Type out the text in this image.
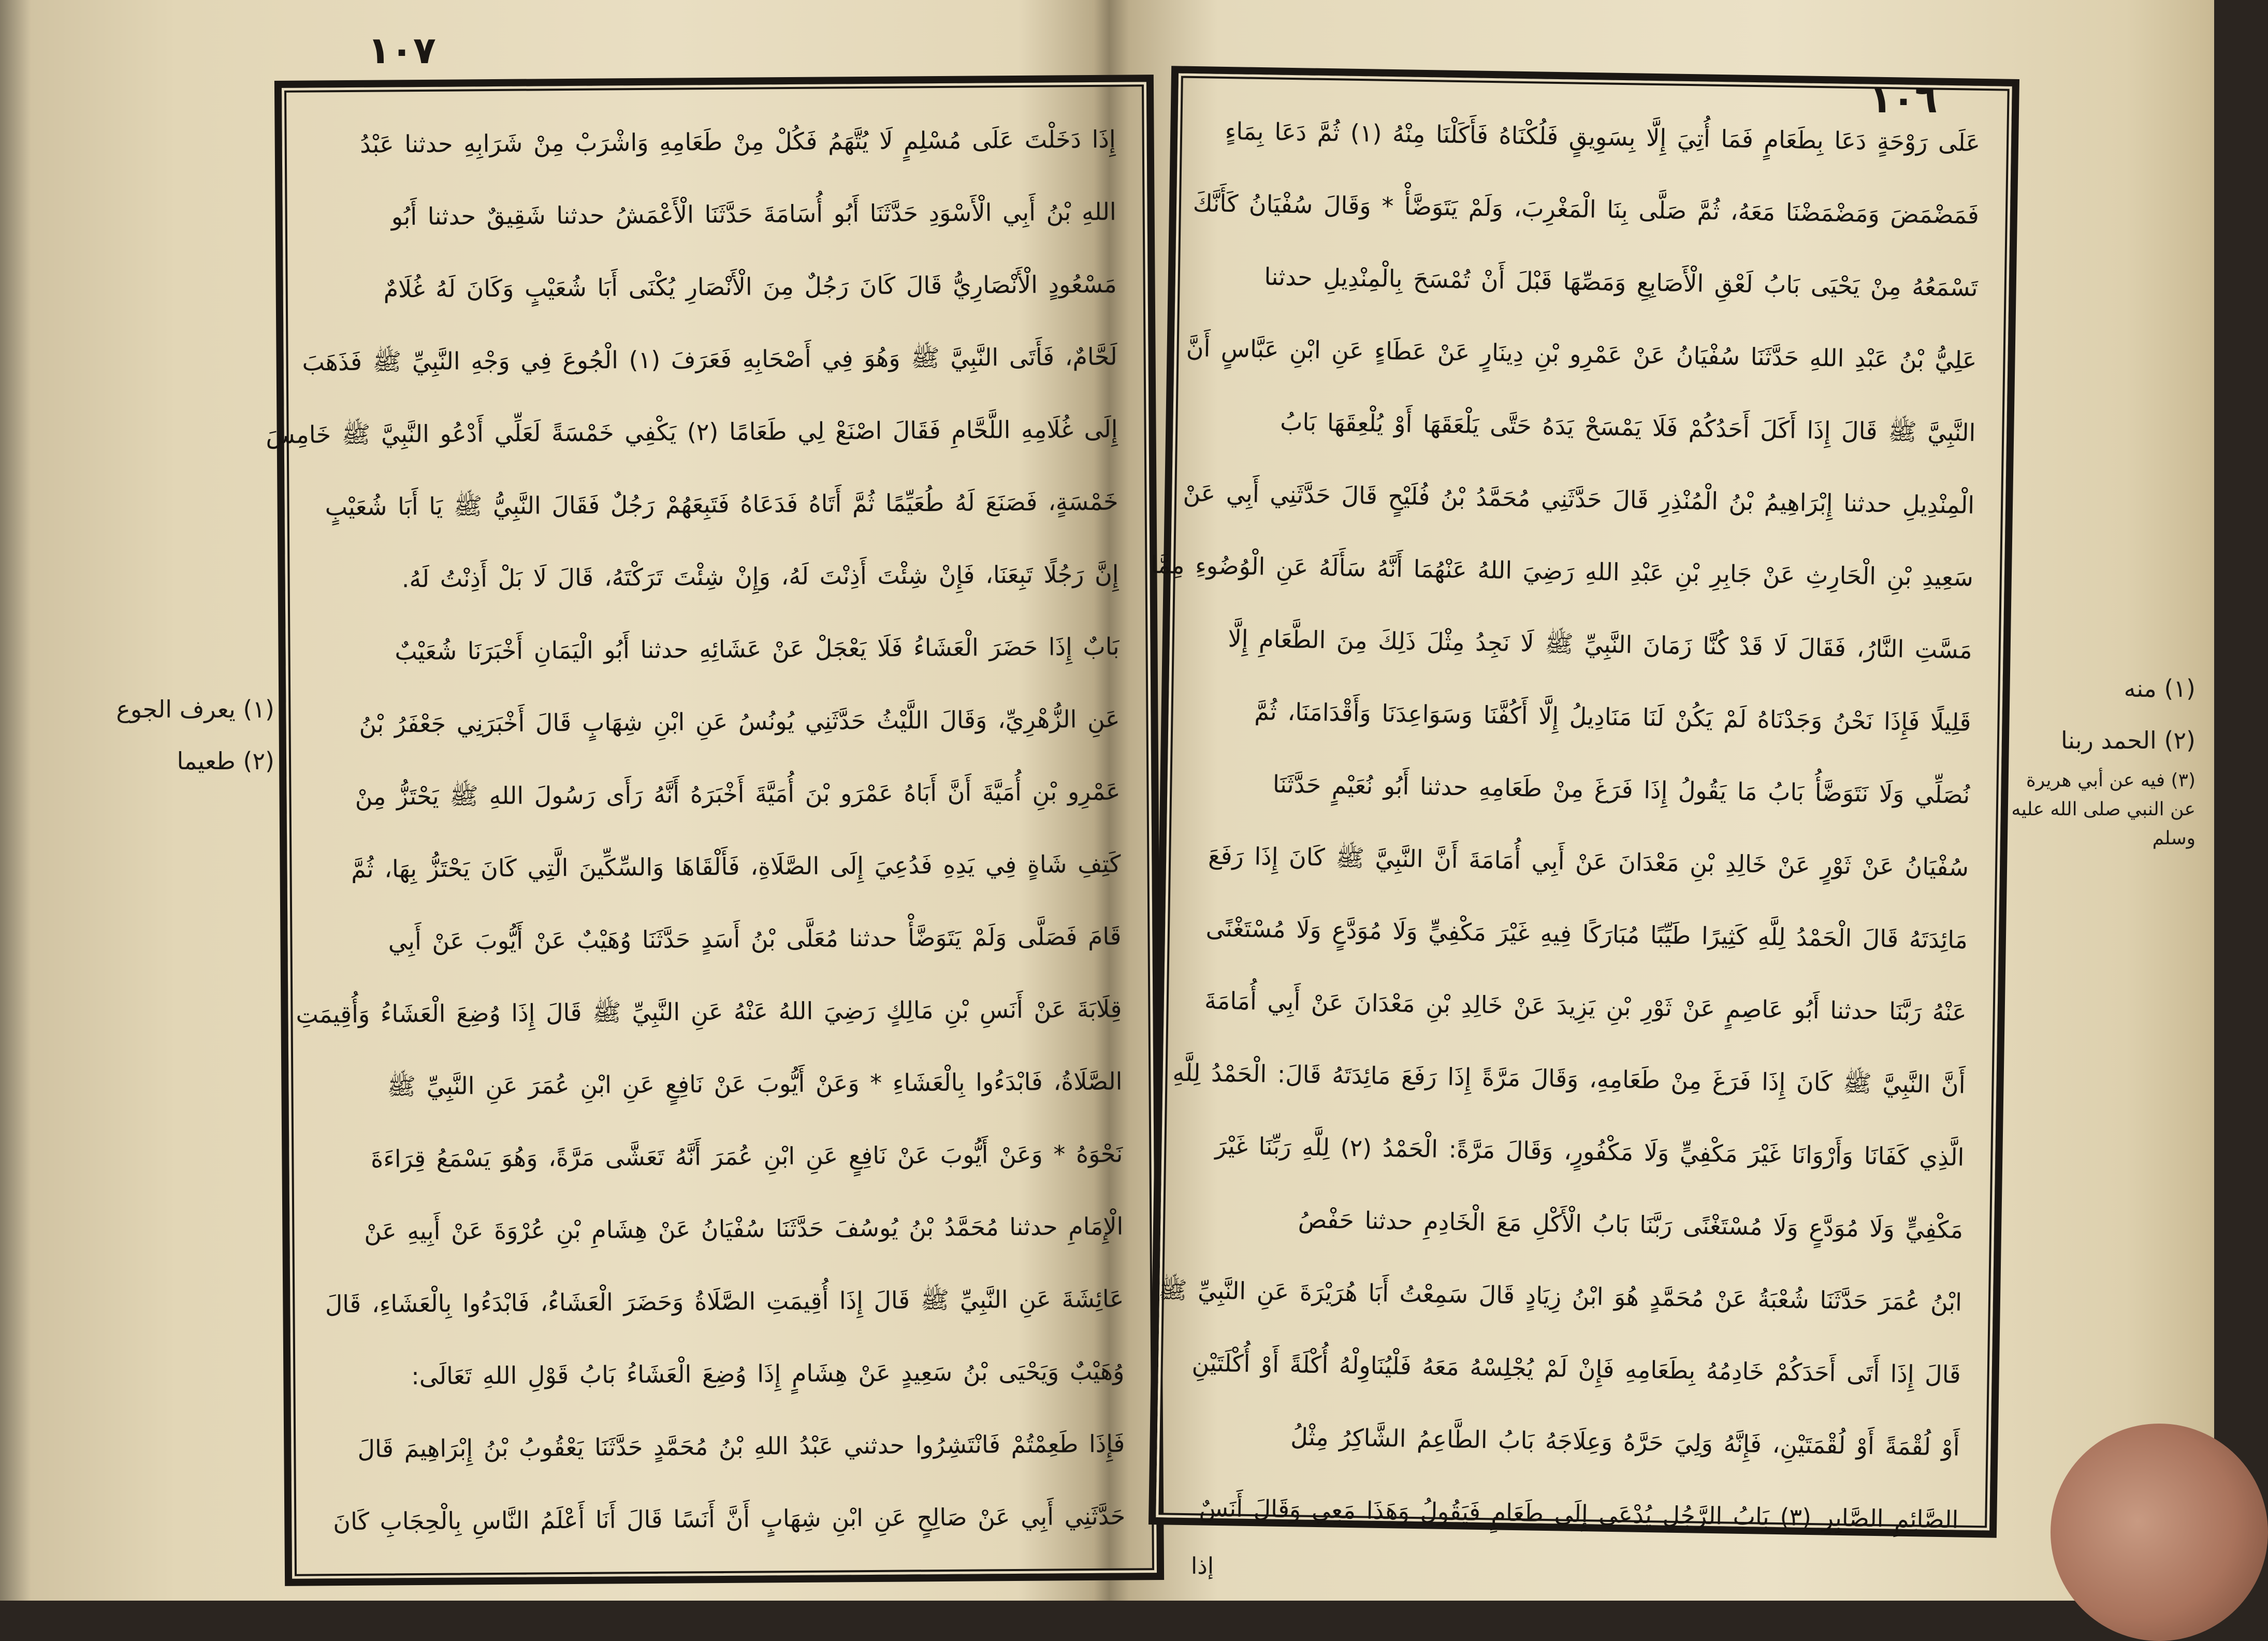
١٠٧
إِذَا دَخَلْتَ عَلَى مُسْلِمٍ لَا يُتَّهَمُ فَكُلْ مِنْ طَعَامِهِ وَاشْرَبْ مِنْ شَرَابِهِ حدثنا عَبْدُ
اللهِ بْنُ أَبِي الْأَسْوَدِ حَدَّثَنَا أَبُو أُسَامَةَ حَدَّثَنَا الْأَعْمَشُ حدثنا شَقِيقٌ حدثنا أَبُو
مَسْعُودٍ الْأَنْصَارِيُّ قَالَ كَانَ رَجُلٌ مِنَ الْأَنْصَارِ يُكْنَى أَبَا شُعَيْبٍ وَكَانَ لَهُ غُلَامٌ
لَحَّامٌ، فَأَتَى النَّبِيَّ ﷺ وَهُوَ فِي أَصْحَابِهِ فَعَرَفَ (١) الْجُوعَ فِي وَجْهِ النَّبِيِّ ﷺ فَذَهَبَ
إِلَى غُلَامِهِ اللَّحَّامِ فَقَالَ اصْنَعْ لِي طَعَامًا (٢) يَكْفِي خَمْسَةً لَعَلِّي أَدْعُو النَّبِيَّ ﷺ خَامِسَ
خَمْسَةٍ، فَصَنَعَ لَهُ طُعَيِّمًا ثُمَّ أَتَاهُ فَدَعَاهُ فَتَبِعَهُمْ رَجُلٌ فَقَالَ النَّبِيُّ ﷺ يَا أَبَا شُعَيْبٍ
إِنَّ رَجُلًا تَبِعَنَا، فَإِنْ شِئْتَ أَذِنْتَ لَهُ، وَإِنْ شِئْتَ تَرَكْتَهُ، قَالَ لَا بَلْ أَذِنْتُ لَهُ.
بَابٌ إِذَا حَضَرَ الْعَشَاءُ فَلَا يَعْجَلْ عَنْ عَشَائِهِ حدثنا أَبُو الْيَمَانِ أَخْبَرَنَا شُعَيْبٌ
عَنِ الزُّهْرِيِّ، وَقَالَ اللَّيْثُ حَدَّثَنِي يُونُسُ عَنِ ابْنِ شِهَابٍ قَالَ أَخْبَرَنِي جَعْفَرُ بْنُ
عَمْرِو بْنِ أُمَيَّةَ أَنَّ أَبَاهُ عَمْرَو بْنَ أُمَيَّةَ أَخْبَرَهُ أَنَّهُ رَأَى رَسُولَ اللهِ ﷺ يَحْتَزُّ مِنْ
كَتِفِ شَاةٍ فِي يَدِهِ فَدُعِيَ إِلَى الصَّلَاةِ، فَأَلْقَاهَا وَالسِّكِّينَ الَّتِي كَانَ يَحْتَزُّ بِهَا، ثُمَّ
قَامَ فَصَلَّى وَلَمْ يَتَوَضَّأْ حدثنا مُعَلَّى بْنُ أَسَدٍ حَدَّثَنَا وُهَيْبٌ عَنْ أَيُّوبَ عَنْ أَبِي
قِلَابَةَ عَنْ أَنَسِ بْنِ مَالِكٍ رَضِيَ اللهُ عَنْهُ عَنِ النَّبِيِّ ﷺ قَالَ إِذَا وُضِعَ الْعَشَاءُ وَأُقِيمَتِ
الصَّلَاةُ، فَابْدَءُوا بِالْعَشَاءِ * وَعَنْ أَيُّوبَ عَنْ نَافِعٍ عَنِ ابْنِ عُمَرَ عَنِ النَّبِيِّ ﷺ
نَحْوَهُ * وَعَنْ أَيُّوبَ عَنْ نَافِعٍ عَنِ ابْنِ عُمَرَ أَنَّهُ تَعَشَّى مَرَّةً، وَهُوَ يَسْمَعُ قِرَاءَةَ
الْإِمَامِ حدثنا مُحَمَّدُ بْنُ يُوسُفَ حَدَّثَنَا سُفْيَانُ عَنْ هِشَامِ بْنِ عُرْوَةَ عَنْ أَبِيهِ عَنْ
عَائِشَةَ عَنِ النَّبِيِّ ﷺ قَالَ إِذَا أُقِيمَتِ الصَّلَاةُ وَحَضَرَ الْعَشَاءُ، فَابْدَءُوا بِالْعَشَاءِ، قَالَ
وُهَيْبٌ وَيَحْيَى بْنُ سَعِيدٍ عَنْ هِشَامٍ إِذَا وُضِعَ الْعَشَاءُ بَابُ قَوْلِ اللهِ تَعَالَى:
فَإِذَا طَعِمْتُمْ فَانْتَشِرُوا حدثني عَبْدُ اللهِ بْنُ مُحَمَّدٍ حَدَّثَنَا يَعْقُوبُ بْنُ إِبْرَاهِيمَ قَالَ
حَدَّثَنِي أَبِي عَنْ صَالِحٍ عَنِ ابْنِ شِهَابٍ أَنَّ أَنَسًا قَالَ أَنَا أَعْلَمُ النَّاسِ بِالْحِجَابِ كَانَ
(١) يعرف الجوع
(٢) طعيما
١٠٦
عَلَى رَوْحَةٍ دَعَا بِطَعَامٍ فَمَا أُتِيَ إِلَّا بِسَوِيقٍ فَلُكْنَاهُ فَأَكَلْنَا مِنْهُ (١) ثُمَّ دَعَا بِمَاءٍ
فَمَضْمَضَ وَمَضْمَضْنَا مَعَهُ، ثُمَّ صَلَّى بِنَا الْمَغْرِبَ، وَلَمْ يَتَوَضَّأْ * وَقَالَ سُفْيَانُ كَأَنَّكَ
تَسْمَعُهُ مِنْ يَحْيَى بَابُ لَعْقِ الْأَصَابِعِ وَمَصِّهَا قَبْلَ أَنْ تُمْسَحَ بِالْمِنْدِيلِ حدثنا
عَلِيُّ بْنُ عَبْدِ اللهِ حَدَّثَنَا سُفْيَانُ عَنْ عَمْرِو بْنِ دِينَارٍ عَنْ عَطَاءٍ عَنِ ابْنِ عَبَّاسٍ أَنَّ
النَّبِيَّ ﷺ قَالَ إِذَا أَكَلَ أَحَدُكُمْ فَلَا يَمْسَحْ يَدَهُ حَتَّى يَلْعَقَهَا أَوْ يُلْعِقَهَا بَابُ
الْمِنْدِيلِ حدثنا إِبْرَاهِيمُ بْنُ الْمُنْذِرِ قَالَ حَدَّثَنِي مُحَمَّدُ بْنُ فُلَيْحٍ قَالَ حَدَّثَنِي أَبِي عَنْ
سَعِيدِ بْنِ الْحَارِثِ عَنْ جَابِرِ بْنِ عَبْدِ اللهِ رَضِيَ اللهُ عَنْهُمَا أَنَّهُ سَأَلَهُ عَنِ الْوُضُوءِ مِمَّا
مَسَّتِ النَّارُ، فَقَالَ لَا قَدْ كُنَّا زَمَانَ النَّبِيِّ ﷺ لَا نَجِدُ مِثْلَ ذَلِكَ مِنَ الطَّعَامِ إِلَّا
قَلِيلًا فَإِذَا نَحْنُ وَجَدْنَاهُ لَمْ يَكُنْ لَنَا مَنَادِيلُ إِلَّا أَكُفَّنَا وَسَوَاعِدَنَا وَأَقْدَامَنَا، ثُمَّ
نُصَلِّي وَلَا نَتَوَضَّأُ بَابُ مَا يَقُولُ إِذَا فَرَغَ مِنْ طَعَامِهِ حدثنا أَبُو نُعَيْمٍ حَدَّثَنَا
سُفْيَانُ عَنْ ثَوْرٍ عَنْ خَالِدِ بْنِ مَعْدَانَ عَنْ أَبِي أُمَامَةَ أَنَّ النَّبِيَّ ﷺ كَانَ إِذَا رَفَعَ
مَائِدَتَهُ قَالَ الْحَمْدُ لِلَّهِ كَثِيرًا طَيِّبًا مُبَارَكًا فِيهِ غَيْرَ مَكْفِيٍّ وَلَا مُوَدَّعٍ وَلَا مُسْتَغْنًى
عَنْهُ رَبَّنَا حدثنا أَبُو عَاصِمٍ عَنْ ثَوْرِ بْنِ يَزِيدَ عَنْ خَالِدِ بْنِ مَعْدَانَ عَنْ أَبِي أُمَامَةَ
أَنَّ النَّبِيَّ ﷺ كَانَ إِذَا فَرَغَ مِنْ طَعَامِهِ، وَقَالَ مَرَّةً إِذَا رَفَعَ مَائِدَتَهُ قَالَ: الْحَمْدُ لِلَّهِ
الَّذِي كَفَانَا وَأَرْوَانَا غَيْرَ مَكْفِيٍّ وَلَا مَكْفُورٍ، وَقَالَ مَرَّةً: الْحَمْدُ (٢) لِلَّهِ رَبِّنَا غَيْرَ
مَكْفِيٍّ وَلَا مُوَدَّعٍ وَلَا مُسْتَغْنًى رَبَّنَا بَابُ الْأَكْلِ مَعَ الْخَادِمِ حدثنا حَفْصُ
ابْنُ عُمَرَ حَدَّثَنَا شُعْبَةُ عَنْ مُحَمَّدٍ هُوَ ابْنُ زِيَادٍ قَالَ سَمِعْتُ أَبَا هُرَيْرَةَ عَنِ النَّبِيِّ ﷺ
قَالَ إِذَا أَتَى أَحَدَكُمْ خَادِمُهُ بِطَعَامِهِ فَإِنْ لَمْ يُجْلِسْهُ مَعَهُ فَلْيُنَاوِلْهُ أُكْلَةً أَوْ أُكْلَتَيْنِ
أَوْ لُقْمَةً أَوْ لُقْمَتَيْنِ، فَإِنَّهُ وَلِيَ حَرَّهُ وَعِلَاجَهُ بَابُ الطَّاعِمُ الشَّاكِرُ مِثْلُ
الصَّائِمِ الصَّابِرِ (٣) بَابُ الرَّجُلِ يُدْعَى إِلَى طَعَامٍ فَيَقُولُ وَهَذَا مَعِي وَقَالَ أَنَسٌ
إذا
(١) منه
(٢) الحمد ربنا
(٣) فيه عن أبي هريرة عن النبي صلى الله عليه وسلم
